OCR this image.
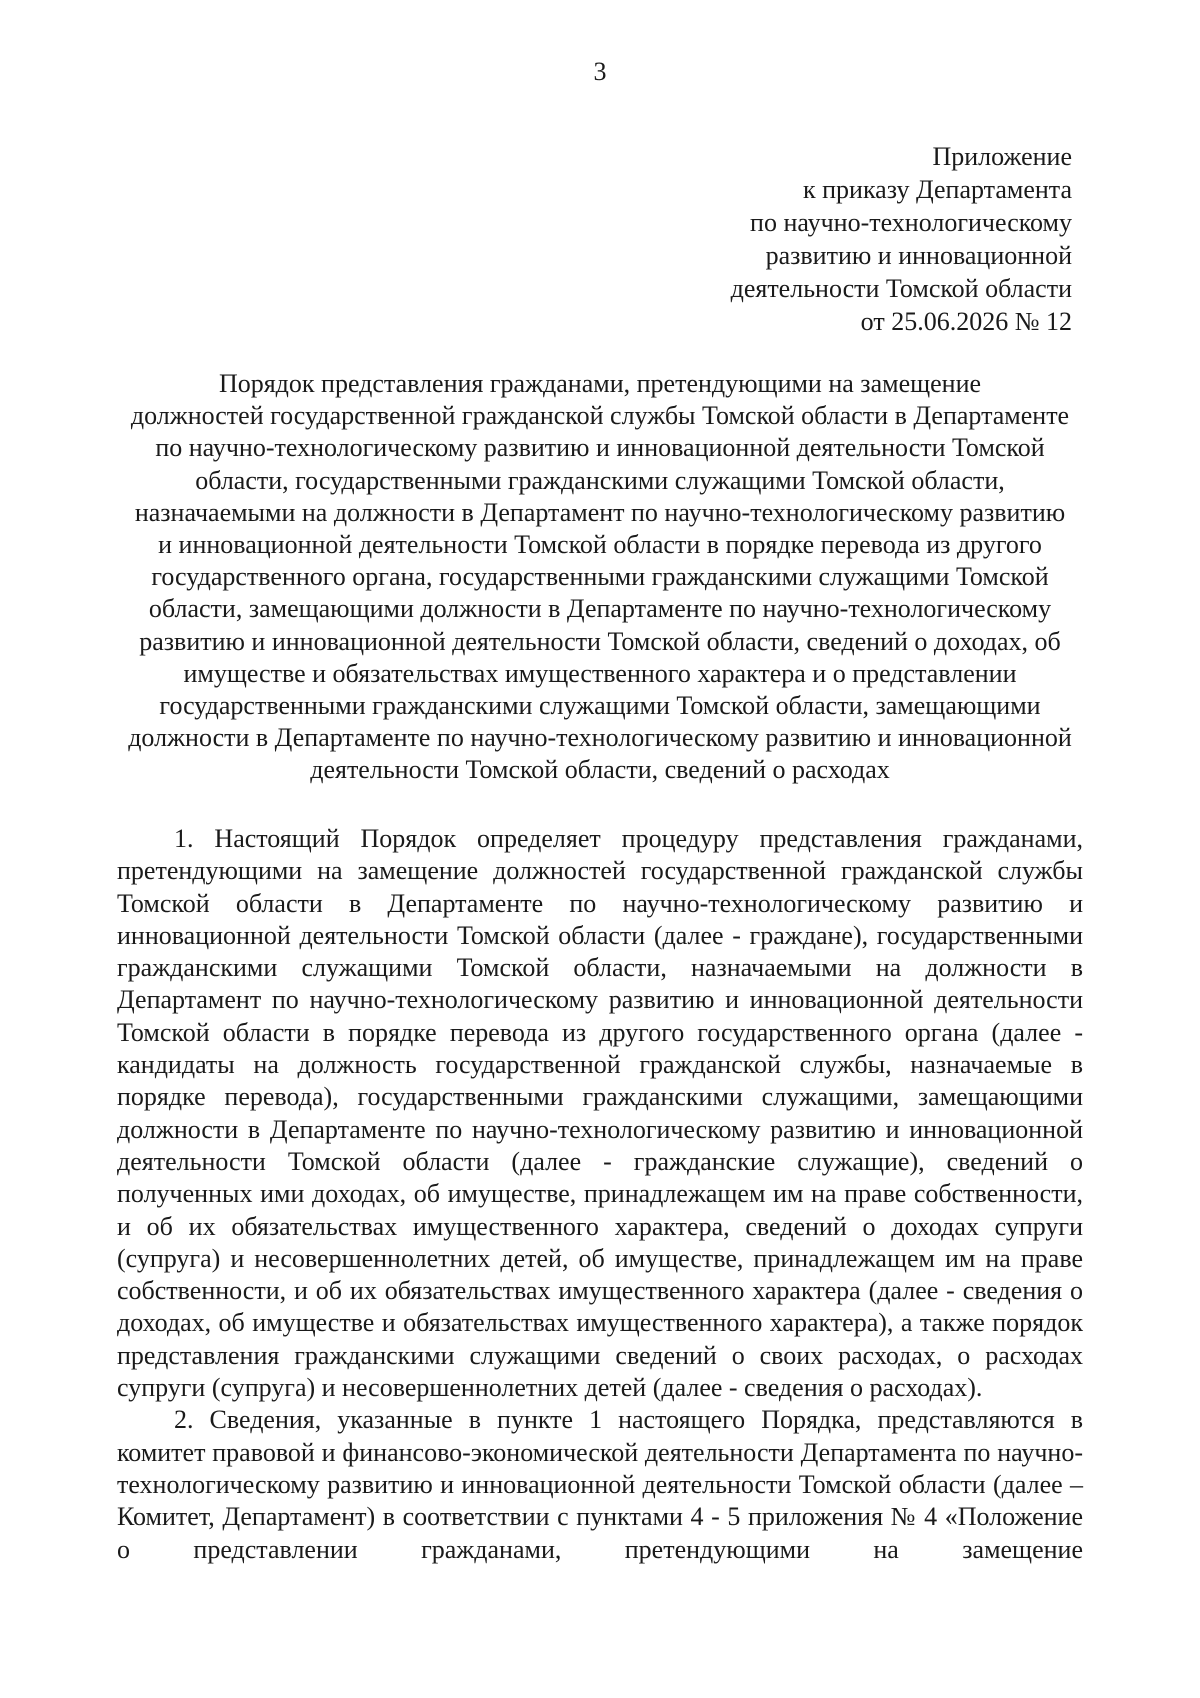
3
Приложение
к приказу Департамента
по научно-технологическому
развитию и инновационной
деятельности Томской области
от 25.06.2026 № 12
Порядок представления гражданами, претендующими на замещение
должностей государственной гражданской службы Томской области в Департаменте
по научно-технологическому развитию и инновационной деятельности Томской
области, государственными гражданскими служащими Томской области,
назначаемыми на должности в Департамент по научно-технологическому развитию
и инновационной деятельности Томской области в порядке перевода из другого
государственного органа, государственными гражданскими служащими Томской
области, замещающими должности в Департаменте по научно-технологическому
развитию и инновационной деятельности Томской области, сведений о доходах, об
имуществе и обязательствах имущественного характера и о представлении
государственными гражданскими служащими Томской области, замещающими
должности в Департаменте по научно-технологическому развитию и инновационной
деятельности Томской области, сведений о расходах

1. Настоящий Порядок определяет процедуру представления гражданами, претендующими на замещение должностей государственной гражданской службы Томской области в Департаменте по научно-технологическому развитию и инновационной деятельности Томской области (далее - граждане), государственными гражданскими служащими Томской области, назначаемыми на должности в Департамент по научно-технологическому развитию и инновационной деятельности Томской области в порядке перевода из другого государственного органа (далее - кандидаты на должность государственной гражданской службы, назначаемые в порядке перевода), государственными гражданскими служащими, замещающими должности в Департаменте по научно-технологическому развитию и инновационной деятельности Томской области (далее - гражданские служащие), сведений о полученных ими доходах, об имуществе, принадлежащем им на праве собственности, и об их обязательствах имущественного характера, сведений о доходах супруги (супруга) и несовершеннолетних детей, об имуществе, принадлежащем им на праве собственности, и об их обязательствах имущественного характера (далее - сведения о доходах, об имуществе и обязательствах имущественного характера), а также порядок представления гражданскими служащими сведений о своих расходах, о расходах супруги (супруга) и несовершеннолетних детей (далее - сведения о расходах).

2. Сведения, указанные в пункте 1 настоящего Порядка, представляются в комитет правовой и финансово-экономической деятельности Департамента по научно-технологическому развитию и инновационной деятельности Томской области (далее – Комитет, Департамент) в соответствии с пунктами 4 - 5 приложения № 4 «Положение о представлении гражданами, претендующими на замещение
